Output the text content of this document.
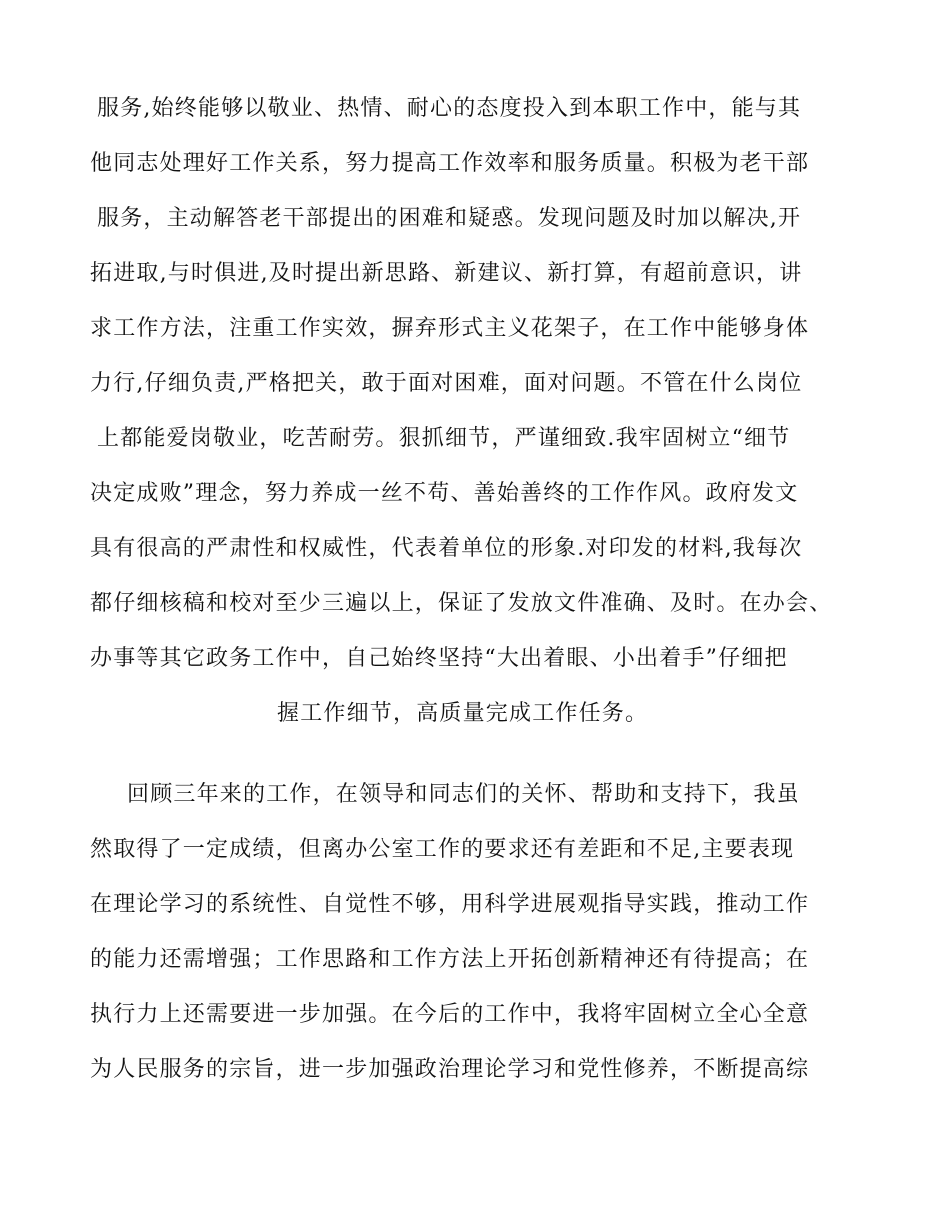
服务,始终能够以敬业、热情、耐心的态度投入到本职工作中，能与其
他同志处理好工作关系，努力提高工作效率和服务质量。积极为老干部
服务，主动解答老干部提出的困难和疑惑。发现问题及时加以解决,开
拓进取,与时俱进,及时提出新思路、新建议、新打算，有超前意识，讲
求工作方法，注重工作实效，摒弃形式主义花架子，在工作中能够身体
力行,仔细负责,严格把关，敢于面对困难，面对问题。不管在什么岗位
上都能爱岗敬业，吃苦耐劳。狠抓细节，严谨细致.我牢固树立“细节
决定成败”理念，努力养成一丝不苟、善始善终的工作作风。政府发文
具有很高的严肃性和权威性，代表着单位的形象.对印发的材料,我每次
都仔细核稿和校对至少三遍以上，保证了发放文件准确、及时。在办会、
办事等其它政务工作中，自己始终坚持“大出着眼、小出着手”仔细把
握工作细节，高质量完成工作任务。
回顾三年来的工作，在领导和同志们的关怀、帮助和支持下，我虽
然取得了一定成绩，但离办公室工作的要求还有差距和不足,主要表现
在理论学习的系统性、自觉性不够，用科学进展观指导实践，推动工作
的能力还需增强；工作思路和工作方法上开拓创新精神还有待提高；在
执行力上还需要进一步加强。在今后的工作中，我将牢固树立全心全意
为人民服务的宗旨，进一步加强政治理论学习和党性修养，不断提高综
